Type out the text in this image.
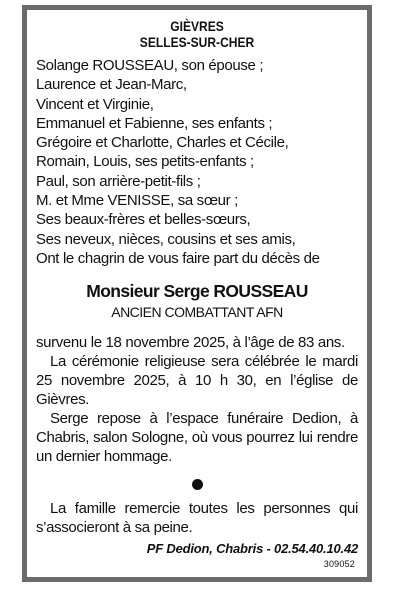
GIÈVRES
SELLES-SUR-CHER
Solange ROUSSEAU, son épouse ;
Laurence et Jean-Marc,
Vincent et Virginie,
Emmanuel et Fabienne, ses enfants ;
Grégoire et Charlotte, Charles et Cécile,
Romain, Louis, ses petits-enfants ;
Paul, son arrière-petit-fils ;
M. et Mme VENISSE, sa sœur ;
Ses beaux-frères et belles-sœurs,
Ses neveux, nièces, cousins et ses amis,
Ont le chagrin de vous faire part du décès de
Monsieur Serge ROUSSEAU
ANCIEN COMBATTANT AFN
survenu le 18 novembre 2025, à l’âge de 83 ans.
La cérémonie religieuse sera célébrée le mardi 25 novembre 2025, à 10 h 30, en l’église de Gièvres.
Serge repose à l’espace funéraire Dedion, à Chabris, salon Sologne, où vous pourrez lui rendre un dernier hommage.
La famille remercie toutes les personnes qui s’associeront à sa peine.
PF Dedion, Chabris - 02.54.40.10.42
309052
